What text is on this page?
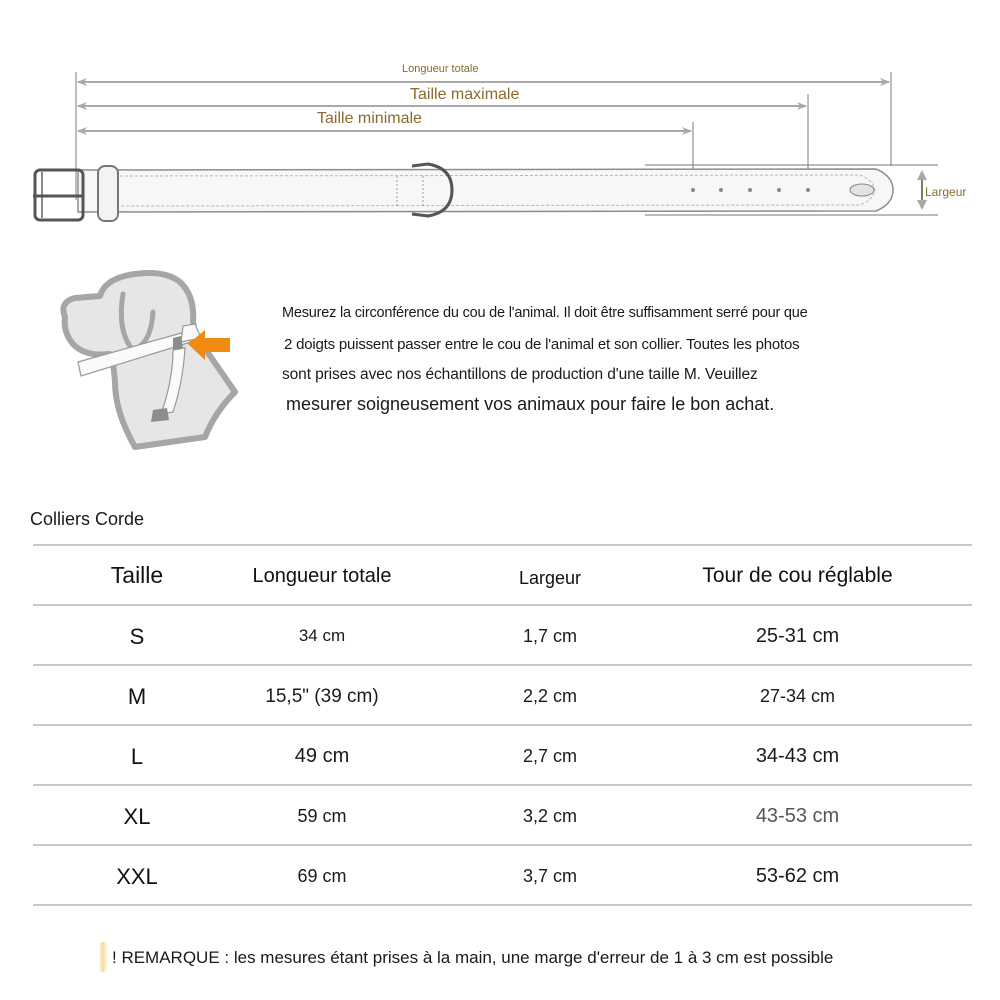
Longueur totale
Taille maximale
Taille minimale
Largeur
Mesurez la circonférence du cou de l'animal. Il doit être suffisamment serré pour que
2 doigts puissent passer entre le cou de l'animal et son collier. Toutes les photos
sont prises avec nos échantillons de production d'une taille M. Veuillez
mesurer soigneusement vos animaux pour faire le bon achat.
Colliers Corde
Taille	Longueur totale	Largeur	Tour de cou réglable
S	34 cm	1,7 cm	25-31 cm
M	15,5" (39 cm)	2,2 cm	27-34 cm
L	49 cm	2,7 cm	34-43 cm
XL	59 cm	3,2 cm	43-53 cm
XXL	69 cm	3,7 cm	53-62 cm
! REMARQUE : les mesures étant prises à la main, une marge d'erreur de 1 à 3 cm est possible
